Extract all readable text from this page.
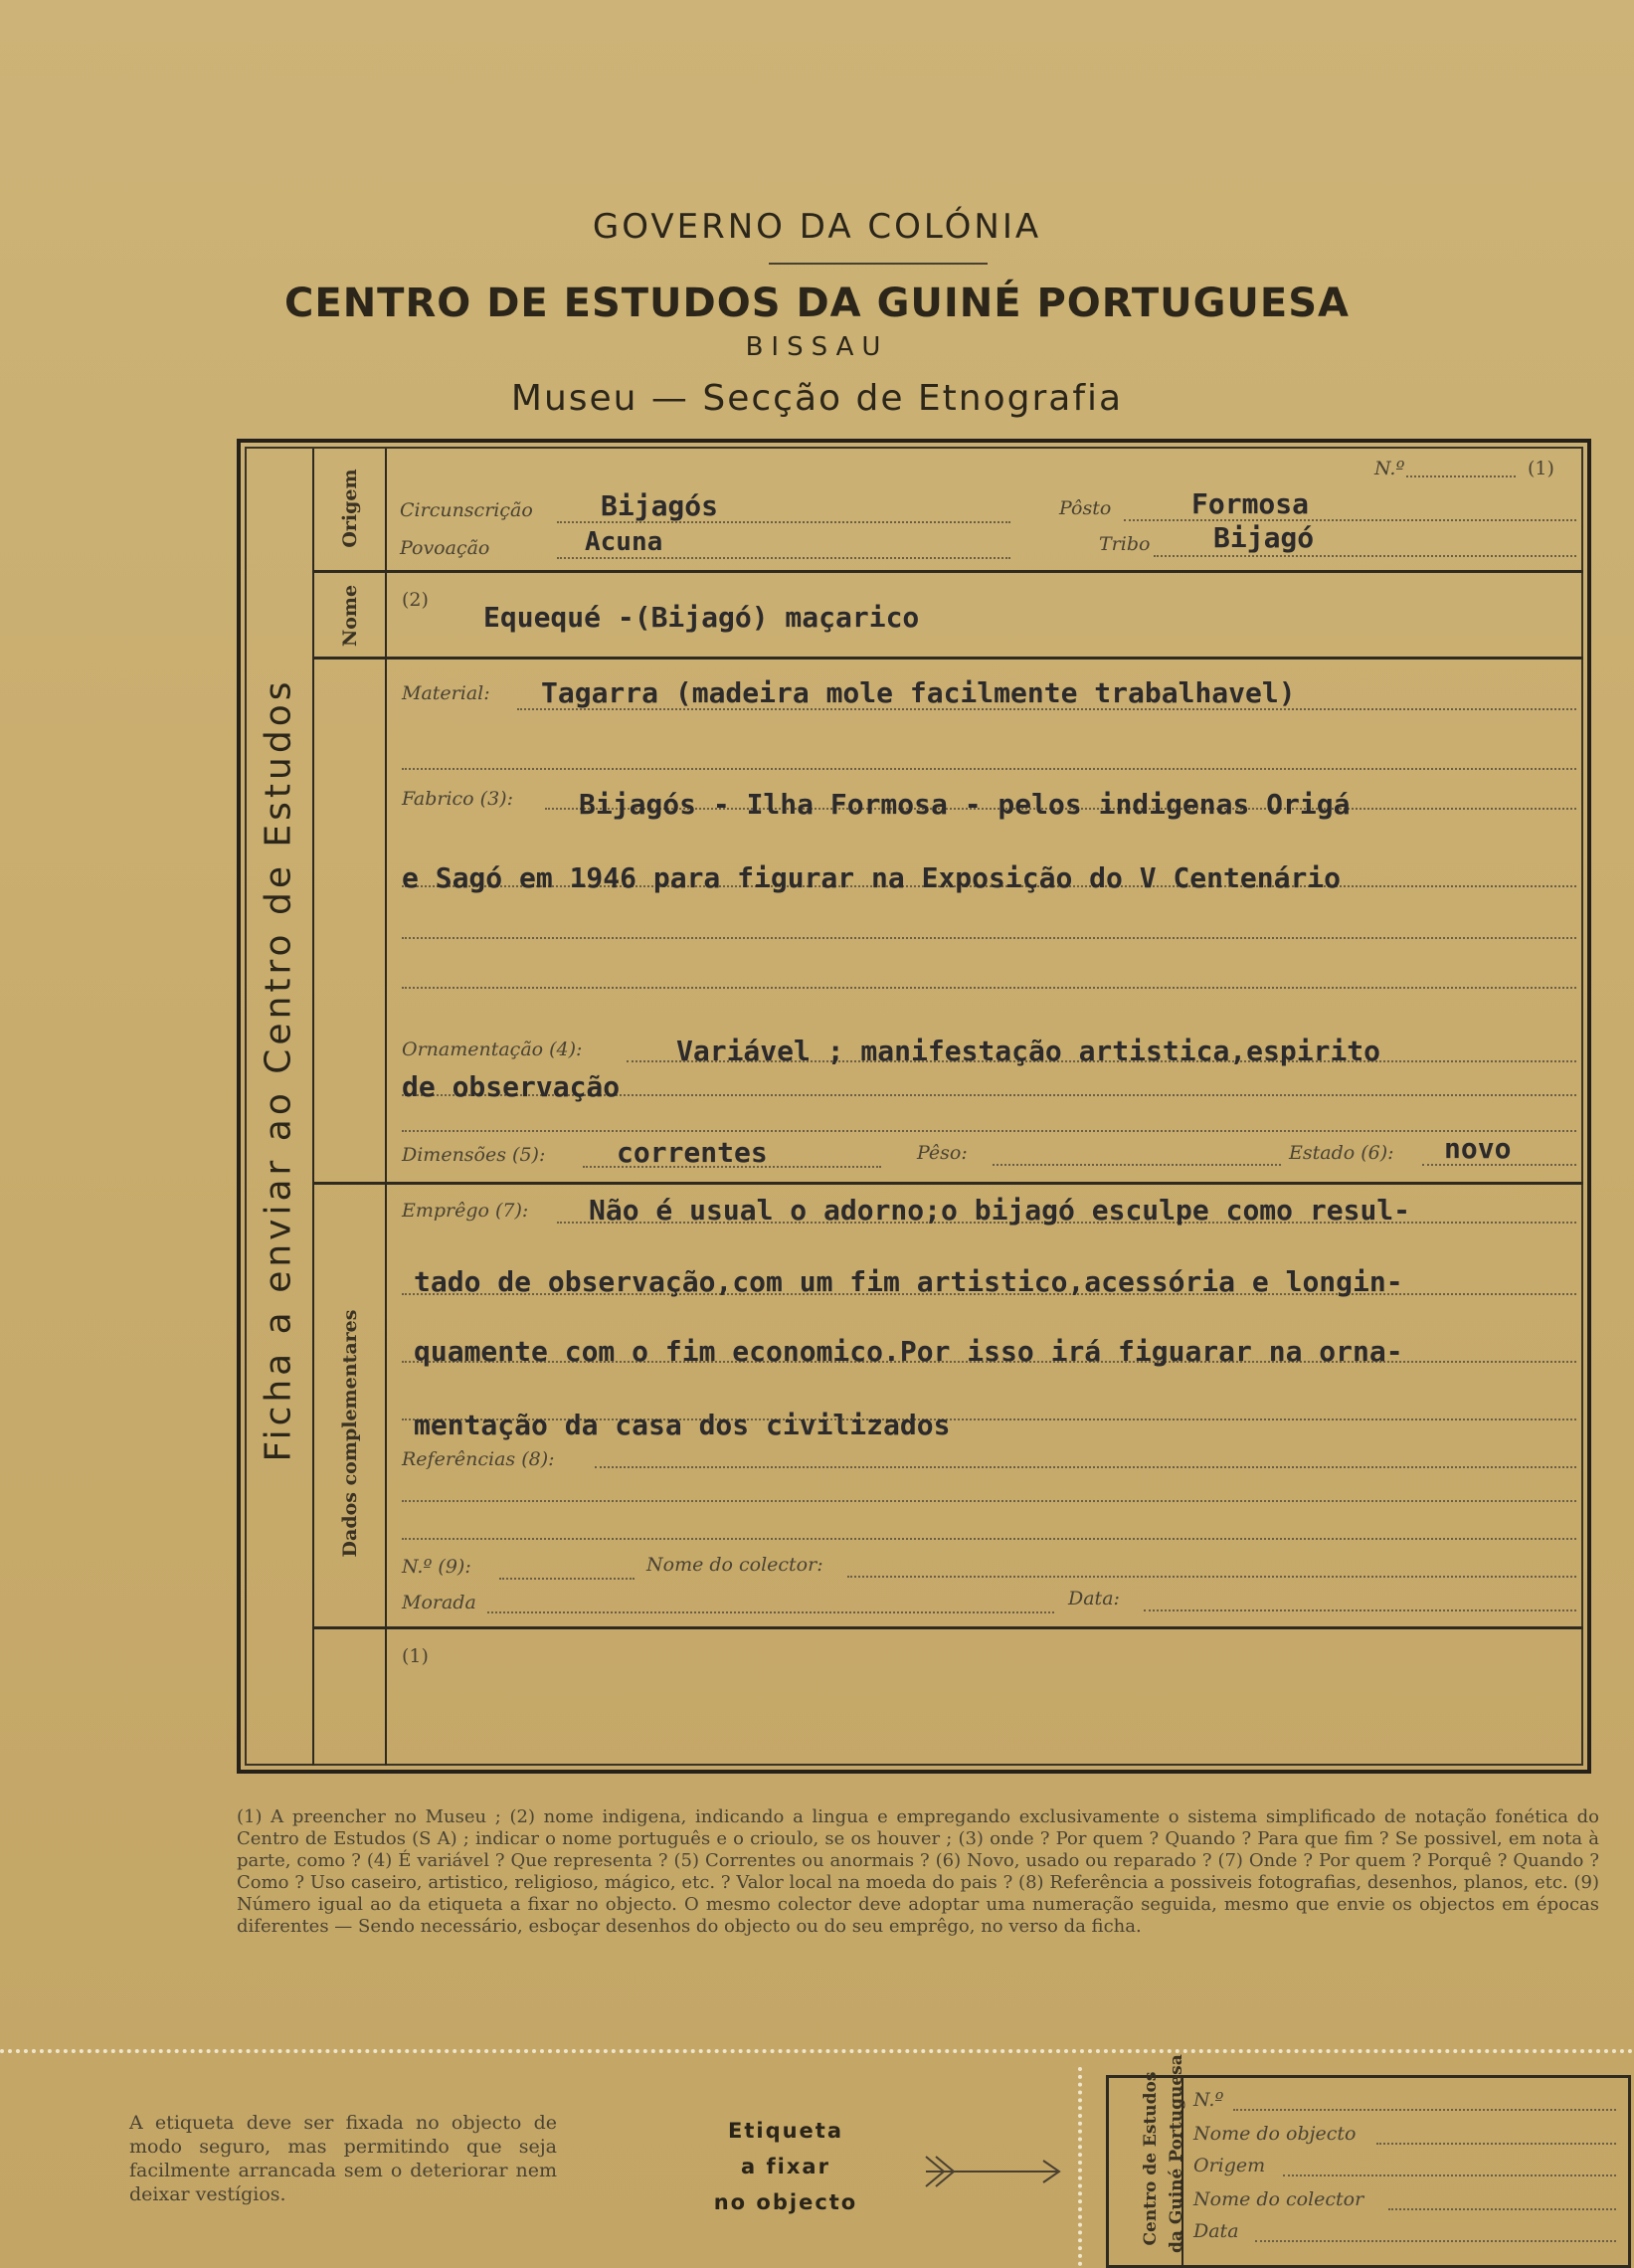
GOVERNO DA COLÓNIA
CENTRO DE ESTUDOS DA GUINÉ PORTUGUESA
BISSAU
Museu — Secção de Etnografia
Ficha a enviar ao Centro de Estudos
Origem
Nome
Dados complementares
N.º	(1)
Circunscrição Bijagós	Pôsto	Formosa
Povoação	Acuna	Tribo Bijagó
(2)
Equequé -(Bijagó) maçarico
Material: Tagarra (madeira mole facilmente trabalhavel)
Fabrico (3): Bijagós - Ilha Formosa - pelos indigenas Origá
e Sagó em 1946 para figurar na Exposição do V Centenário
Ornamentação (4):	Variável ; manifestação artistica,espirito
de observação
Dimensões (5):	correntes	Pêso:	Estado (6): novo
Emprêgo (7): Não é usual o adorno;o bijagó esculpe como resul-
tado de observação,com um fim artistico,acessória e longin-
quamente com o fim economico.Por isso irá figuarar na orna-
mentação da casa dos civilizados
Referências (8):
N.º (9):	Nome do colector:
Morada	Data:
(1)
(1) A preencher no Museu ; (2) nome indigena, indicando a lingua e empregando exclusivamente o sistema simplificado de notação fonética do Centro de Estudos (S A) ; indicar o nome português e o crioulo, se os houver ; (3) onde ? Por quem ? Quando ? Para que fim ? Se possivel, em nota à parte, como ? (4) É variável ? Que representa ? (5) Correntes ou anormais ? (6) Novo, usado ou reparado ? (7) Onde ? Por quem ? Porquê ? Quando ? Como ? Uso caseiro, artistico, religioso, mágico, etc. ? Valor local na moeda do pais ? (8) Referência a possiveis fotografias, desenhos, planos, etc. (9) Número igual ao da etiqueta a fixar no objecto. O mesmo colector deve adoptar uma numeração seguida, mesmo que envie os objectos em épocas diferentes — Sendo necessário, esboçar desenhos do objecto ou do seu emprêgo, no verso da ficha.
A etiqueta deve ser fixada no objecto de modo seguro, mas permitindo que seja facilmente arrancada sem o deteriorar nem deixar vestígios.
Etiqueta
a fixar
no objecto	Centro de Estudos da Guiné Portuguesa N.º
Nome do objecto
Origem
Nome do colector
Data
